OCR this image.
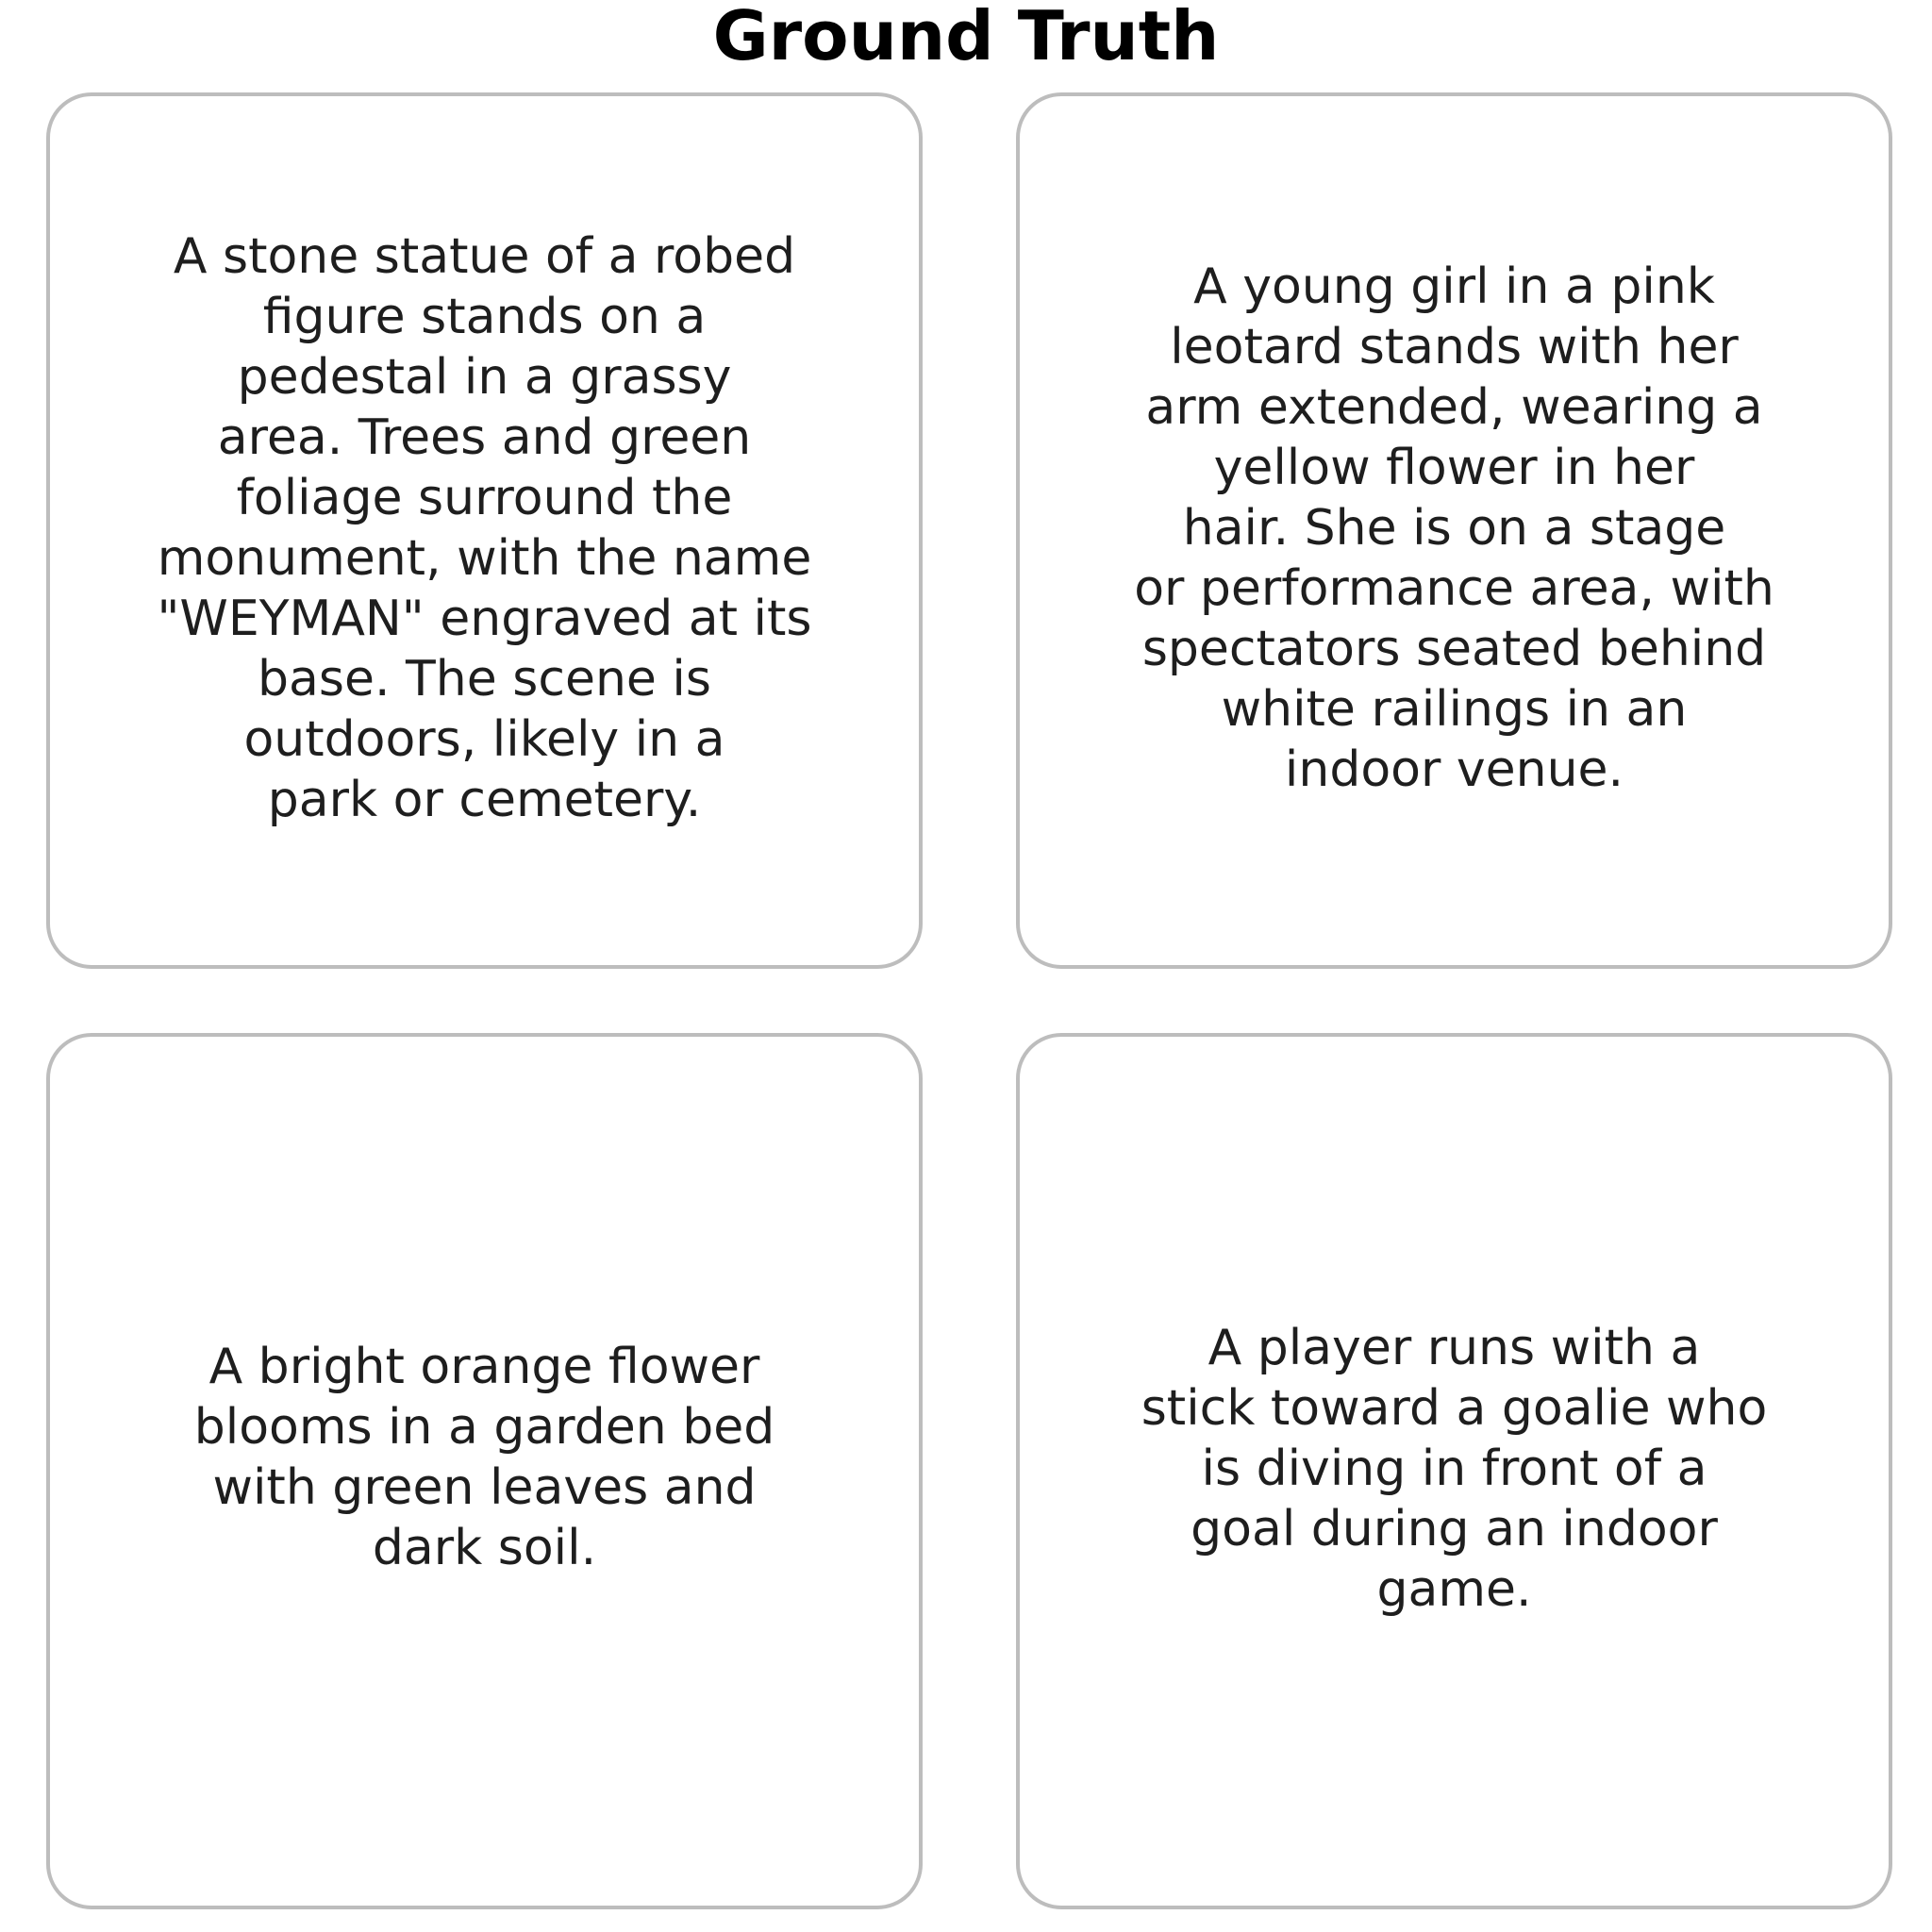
Ground Truth
A stone statue of a robed
figure stands on a
pedestal in a grassy
area. Trees and green
foliage surround the
monument, with the name
"WEYMAN" engraved at its
base. The scene is
outdoors, likely in a
park or cemetery.
A young girl in a pink
leotard stands with her
arm extended, wearing a
yellow flower in her
hair. She is on a stage
or performance area, with
spectators seated behind
white railings in an
indoor venue.
A bright orange flower
blooms in a garden bed
with green leaves and
dark soil.
A player runs with a
stick toward a goalie who
is diving in front of a
goal during an indoor
game.
